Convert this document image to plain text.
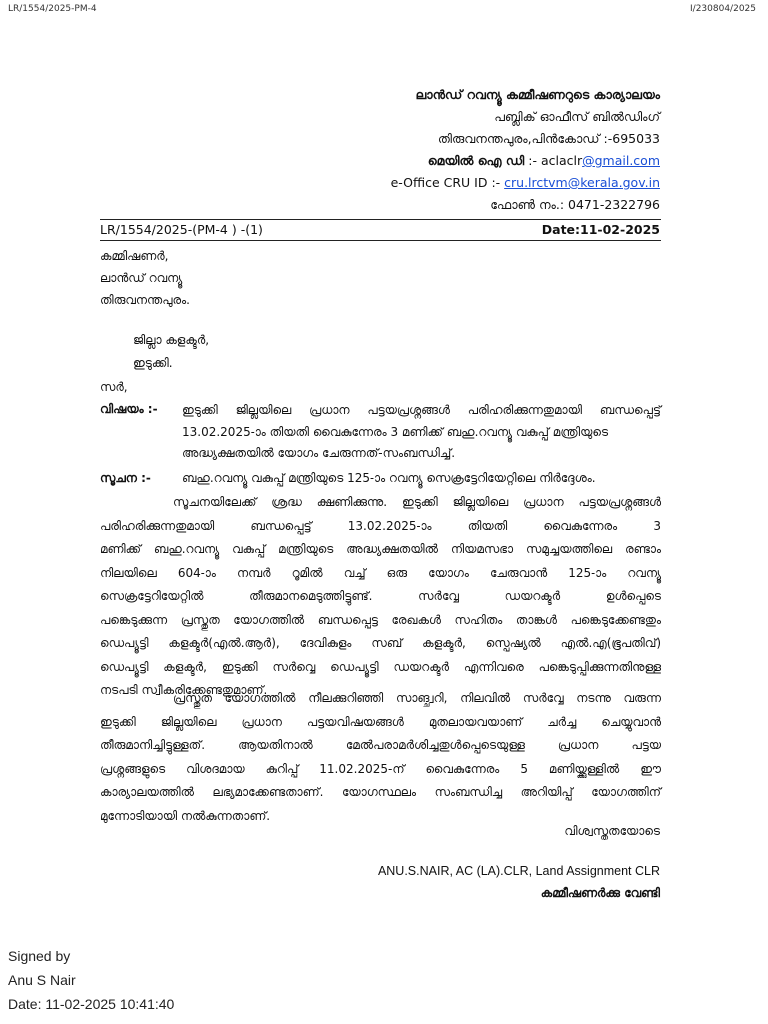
LR/1554/2025-PM-4	I/230804/2025
ലാൻഡ് റവന്യൂ കമ്മീഷണറുടെ കാര്യാലയം
പബ്ലിക് ഓഫീസ് ബിൽഡിംഗ്
തിരുവനന്തപുരം,പിൻകോഡ് :-695033
മെയിൽ ഐ ഡി :- aclaclr@gmail.com
e-Office CRU ID :- cru.lrctvm@kerala.gov.in
ഫോൺ നം.: 0471-2322796
LR/1554/2025-(PM-4 ) -(1)	Date:11-02-2025
കമ്മിഷണർ,
ലാൻഡ് റവന്യൂ
തിരുവനന്തപുരം.
ജില്ലാ കളക്ടർ,
ഇടുക്കി.
സർ,
വിഷയം :- ഇടുക്കി ജില്ലയിലെ പ്രധാന പട്ടയപ്രശ്നങ്ങൾ പരിഹരിക്കുന്നതുമായി ബന്ധപ്പെട്ട്
13.02.2025-ാം തിയതി വൈകുന്നേരം 3 മണിക്ക് ബഹു.റവന്യൂ വകുപ്പ് മന്ത്രിയുടെ
അദ്ധ്യക്ഷതയിൽ യോഗം ചേരുന്നത്-സംബന്ധിച്ച്.
സൂചന :-	ബഹു.റവന്യൂ വകുപ്പ് മന്ത്രിയുടെ 125-ാം റവന്യൂ സെക്രട്ടേറിയേറ്റിലെ നിർദ്ദേശം.
സൂചനയിലേക്ക് ശ്രദ്ധ ക്ഷണിക്കുന്നു. ഇടുക്കി ജില്ലയിലെ പ്രധാന പട്ടയപ്രശ്നങ്ങൾ
പരിഹരിക്കുന്നതുമായി ബന്ധപ്പെട്ട് 13.02.2025-ാം തിയതി വൈകുന്നേരം 3
മണിക്ക് ബഹു.റവന്യൂ വകുപ്പ് മന്ത്രിയുടെ അദ്ധ്യക്ഷതയിൽ നിയമസഭാ സമുച്ചയത്തിലെ രണ്ടാം
നിലയിലെ 604-ാം നമ്പർ റൂമിൽ വച്ച് ഒരു യോഗം ചേരുവാൻ 125-ാം റവന്യൂ
സെക്രട്ടേറിയേറ്റിൽ തീരുമാനമെടുത്തിട്ടുണ്ട്. സർവ്വേ ഡയറക്ടർ ഉൾപ്പെടെ
പങ്കെടുക്കുന്ന പ്രസ്തുത യോഗത്തിൽ ബന്ധപ്പെട്ട രേഖകൾ സഹിതം താങ്കൾ പങ്കെടുക്കേണ്ടതും
ഡെപ്യൂട്ടി കളക്ടർ(എൽ.ആർ), ദേവികുളം സബ് കളക്ടർ, സ്പെഷ്യൽ എൽ.എ(ഭൂപതിവ്)
ഡെപ്യൂട്ടി കളക്ടർ, ഇടുക്കി സർവ്വെ ഡെപ്യൂട്ടി ഡയറക്ടർ എന്നിവരെ പങ്കെടുപ്പിക്കുന്നതിനുള്ള
നടപടി സ്വീകരിക്കേണ്ടതുമാണ്.
പ്രസ്തുത യോഗത്തിൽ നീലക്കുറിഞ്ഞി സാങ്ച്വറി, നിലവിൽ സർവ്വേ നടന്നു വരുന്ന
ഇടുക്കി ജില്ലയിലെ പ്രധാന പട്ടയവിഷയങ്ങൾ മുതലായവയാണ് ചർച്ച ചെയ്യുവാൻ
തീരുമാനിച്ചിട്ടുള്ളത്. ആയതിനാൽ മേൽപരാമർശിച്ചതുൾപ്പെടെയുള്ള പ്രധാന പട്ടയ
പ്രശ്നങ്ങളുടെ വിശദമായ കുറിപ്പ് 11.02.2025-ന് വൈകുന്നേരം 5 മണിയ്ക്കുള്ളിൽ ഈ
കാര്യാലയത്തിൽ ലഭ്യമാക്കേണ്ടതാണ്. യോഗസ്ഥലം സംബന്ധിച്ച അറിയിപ്പ് യോഗത്തിന്
മുന്നോടിയായി നൽകുന്നതാണ്.
വിശ്വസ്തതയോടെ
ANU.S.NAIR, AC (LA).CLR, Land Assignment CLR
കമ്മീഷണർക്കു വേണ്ടി
Signed by
Anu S Nair
Date: 11-02-2025 10:41:40
